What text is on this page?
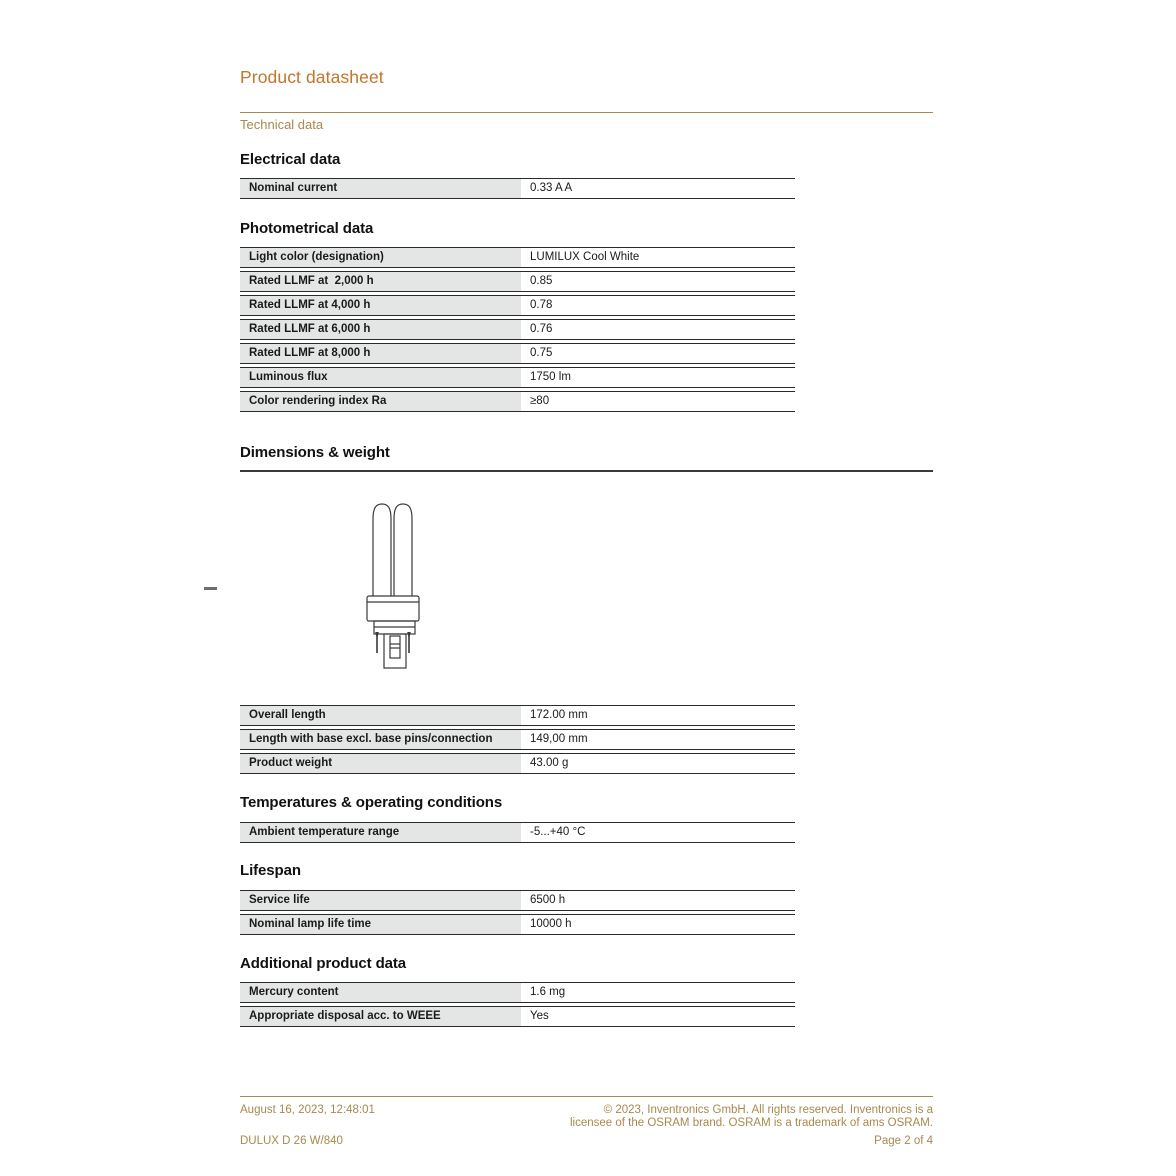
Product datasheet
Technical data
Electrical data
Nominal current	0.33 A A
Photometrical data
Light color (designation)	LUMILUX Cool White
Rated LLMF at  2,000 h	0.85
Rated LLMF at 4,000 h	0.78
Rated LLMF at 6,000 h	0.76
Rated LLMF at 8,000 h	0.75
Luminous flux	1750 lm
Color rendering index Ra	≥80
Dimensions & weight
Overall length	172.00 mm
Length with base excl. base pins/connection	149,00 mm
Product weight	43.00 g
Temperatures & operating conditions
Ambient temperature range	-5...+40 °C
Lifespan
Service life	6500 h
Nominal lamp life time	10000 h
Additional product data
Mercury content	1.6 mg
Appropriate disposal acc. to WEEE	Yes
August 16, 2023, 12:48:01	© 2023, Inventronics GmbH. All rights reserved. Inventronics is a
licensee of the OSRAM brand. OSRAM is a trademark of ams OSRAM.
DULUX D 26 W/840	Page 2 of 4
